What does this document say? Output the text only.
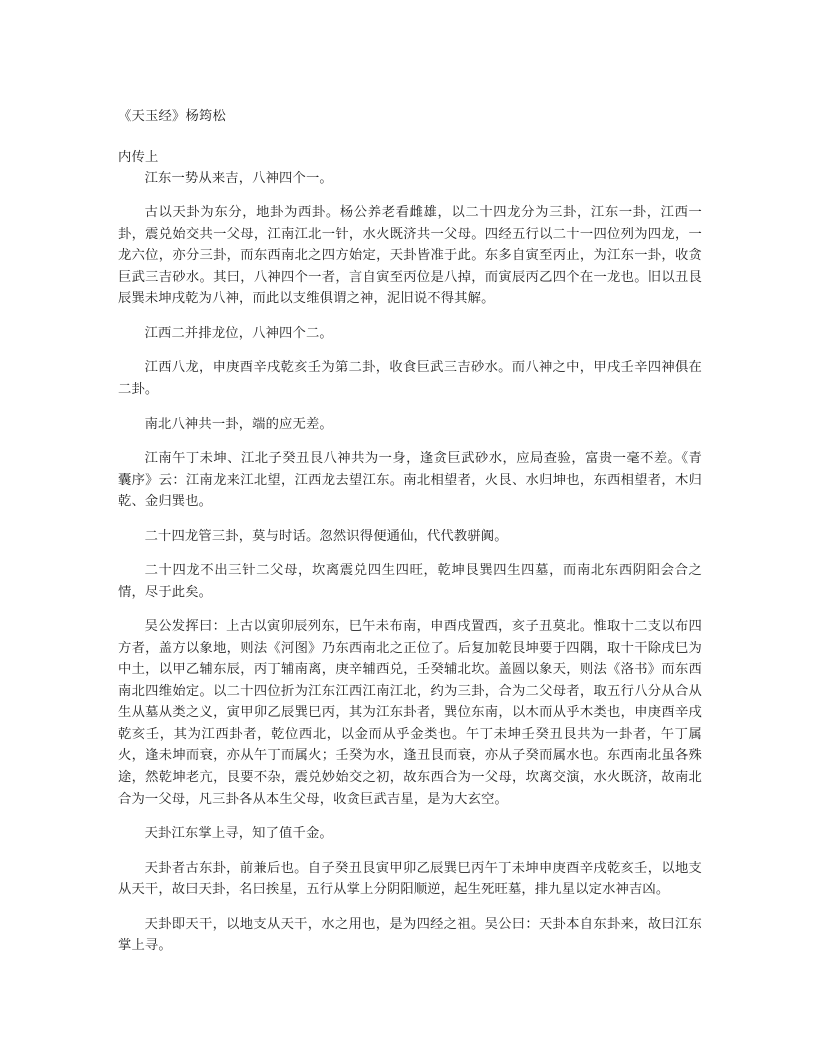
《天玉经》杨筠松

内传上

江东一势从来吉，八神四个一。

古以天卦为东分，地卦为西卦。杨公养老看雌雄，以二十四龙分为三卦，江东一卦，江西一卦，震兑始交共一父母，江南江北一针，水火既济共一父母。四经五行以二十一四位列为四龙，一龙六位，亦分三卦，而东西南北之四方始定，天卦皆准于此。东多自寅至丙止，为江东一卦，收贪巨武三吉砂水。其曰，八神四个一者，言自寅至丙位是八掉，而寅辰丙乙四个在一龙也。旧以丑艮辰巽未坤戌乾为八神，而此以支维俱谓之神，泥旧说不得其解。

江西二并排龙位，八神四个二。

江西八龙，申庚酉辛戌乾亥壬为第二卦，收食巨武三吉砂水。而八神之中，甲戌壬辛四神俱在二卦。

南北八神共一卦，端的应无差。

江南午丁未坤、江北子癸丑艮八神共为一身，逢贪巨武砂水，应局查验，富贵一毫不差。《青囊序》云：江南龙来江北望，江西龙去望江东。南北相望者，火艮、水归坤也，东西相望者，木归乾、金归巽也。

二十四龙管三卦，莫与时话。忽然识得便通仙，代代教骈阗。

二十四龙不出三针二父母，坎离震兑四生四旺，乾坤艮巽四生四墓，而南北东西阴阳会合之情，尽于此矣。

吴公发挥曰：上古以寅卯辰列东，巳午未布南，申酉戌置西，亥子丑莫北。惟取十二支以布四方者，盖方以象地，则法《河图》乃东西南北之正位了。后复加乾艮坤要于四隅，取十干除戌巳为中土，以甲乙辅东辰，丙丁辅南离，庚辛辅西兑，壬癸辅北坎。盖圆以象天，则法《洛书》而东西南北四维始定。以二十四位折为江东江西江南江北，约为三卦，合为二父母者，取五行八分从合从生从墓从类之义，寅甲卯乙辰巽巳丙，其为江东卦者，巽位东南，以木而从乎木类也，申庚酉辛戌乾亥壬，其为江西卦者，乾位西北，以金而从乎金类也。午丁未坤壬癸丑艮共为一卦者，午丁属火，逢未坤而衰，亦从午丁而属火；壬癸为水，逢丑艮而衰，亦从子癸而属水也。东西南北虽各殊途，然乾坤老亢，艮要不杂，震兑妙始交之初，故东西合为一父母，坎离交演，水火既济，故南北合为一父母，凡三卦各从本生父母，收贪巨武吉星，是为大玄空。

天卦江东掌上寻，知了值千金。

天卦者古东卦，前兼后也。自子癸丑艮寅甲卯乙辰巽巳丙午丁未坤申庚酉辛戌乾亥壬，以地支从天干，故曰天卦，名曰挨星，五行从掌上分阴阳顺逆，起生死旺墓，排九星以定水神吉凶。

天卦即天干，以地支从天干，水之用也，是为四经之祖。吴公曰：天卦本自东卦来，故曰江东掌上寻。
